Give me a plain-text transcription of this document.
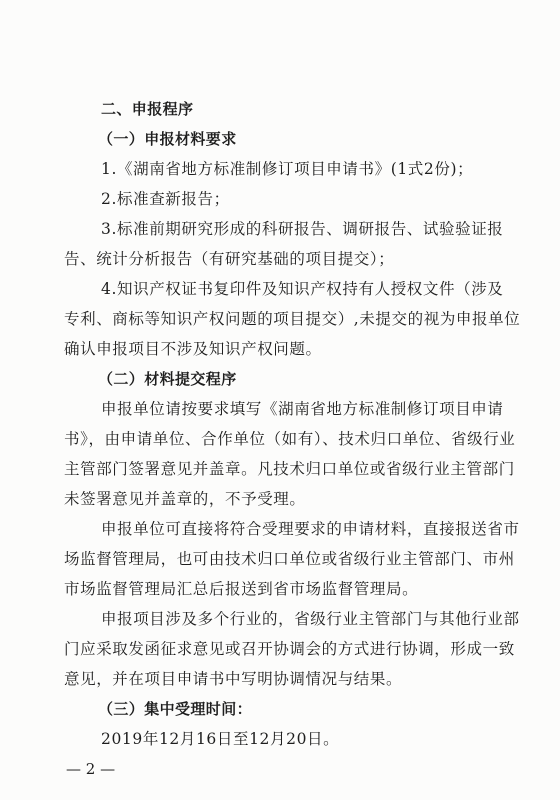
二、申报程序
（一）申报材料要求
1.《湖南省地方标准制修订项目申请书》(1式2份)；
2.标准查新报告；
3.标准前期研究形成的科研报告、调研报告、试验验证报
告、统计分析报告（有研究基础的项目提交）；
4.知识产权证书复印件及知识产权持有人授权文件（涉及
专利、商标等知识产权问题的项目提交）,未提交的视为申报单位
确认申报项目不涉及知识产权问题。
（二）材料提交程序
申报单位请按要求填写《湖南省地方标准制修订项目申请
书》，由申请单位、合作单位（如有）、技术归口单位、省级行业
主管部门签署意见并盖章。凡技术归口单位或省级行业主管部门
未签署意见并盖章的，不予受理。
申报单位可直接将符合受理要求的申请材料，直接报送省市
场监督管理局，也可由技术归口单位或省级行业主管部门、市州
市场监督管理局汇总后报送到省市场监督管理局。
申报项目涉及多个行业的，省级行业主管部门与其他行业部
门应采取发函征求意见或召开协调会的方式进行协调，形成一致
意见，并在项目申请书中写明协调情况与结果。
（三）集中受理时间：
2019年12月16日至12月20日。
— 2 —
